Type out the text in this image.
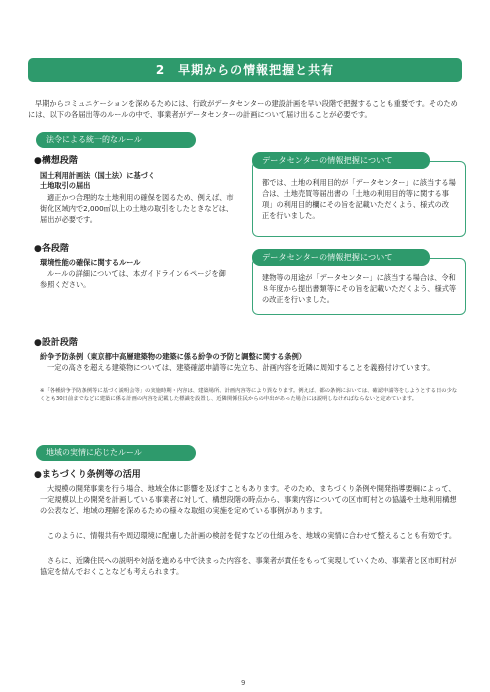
2　早期からの情報把握と共有
早期からコミュニケーションを深めるためには、行政がデータセンターの建設計画を早い段階で把握することも重要です。そのためには、以下の各届出等のルールの中で、事業者がデータセンターの計画について届け出ることが必要です。
法令による統一的なルール
●構想段階
国土利用計画法（国土法）に基づく
土地取引の届出
適正かつ合理的な土地利用の確保を図るため、例えば、市街化区域内で2,000㎡以上の土地の取引をしたときなどは、届出が必要です。
データセンターの情報把握について
都では、土地の利用目的が「データセンター」に該当する場合は、土地売買等届出書の「土地の利用目的等に関する事項」の利用目的欄にその旨を記載いただくよう、様式の改正を行いました。
●各段階
環境性能の確保に関するルール
ルールの詳細については、本ガイドライン６ページを御参照ください。
データセンターの情報把握について
建物等の用途が「データセンター」に該当する場合は、令和８年度から提出書類等にその旨を記載いただくよう、様式等の改正を行いました。
●設計段階
紛争予防条例（東京都中高層建築物の建築に係る紛争の予防と調整に関する条例）
一定の高さを超える建築物については、建築確認申請等に先立ち、計画内容を近隣に周知することを義務付けています。
※「各種紛争予防条例等に基づく説明会等」の実施時期・内容は、建築場所、計画内容等により異なります。例えば、都の条例においては、確認申請等をしようとする日の少なくとも30日前までなどに建築に係る計画の内容を記載した標識を設置し、近隣関係住民からの申出があった場合には説明しなければならないと定めています。
地域の実情に応じたルール
●まちづくり条例等の活用
大規模の開発事業を行う場合、地域全体に影響を及ぼすこともあります。そのため、まちづくり条例や開発指導要綱によって、一定規模以上の開発を計画している事業者に対して、構想段階の時点から、事業内容についての区市町村との協議や土地利用構想の公表など、地域の理解を深めるための様々な取組の実施を定めている事例があります。
このように、情報共有や周辺環境に配慮した計画の検討を促すなどの仕組みを、地域の実情に合わせて整えることも有効です。
さらに、近隣住民への説明や対話を進める中で決まった内容を、事業者が責任をもって実現していくため、事業者と区市町村が協定を結んでおくことなども考えられます。
9
